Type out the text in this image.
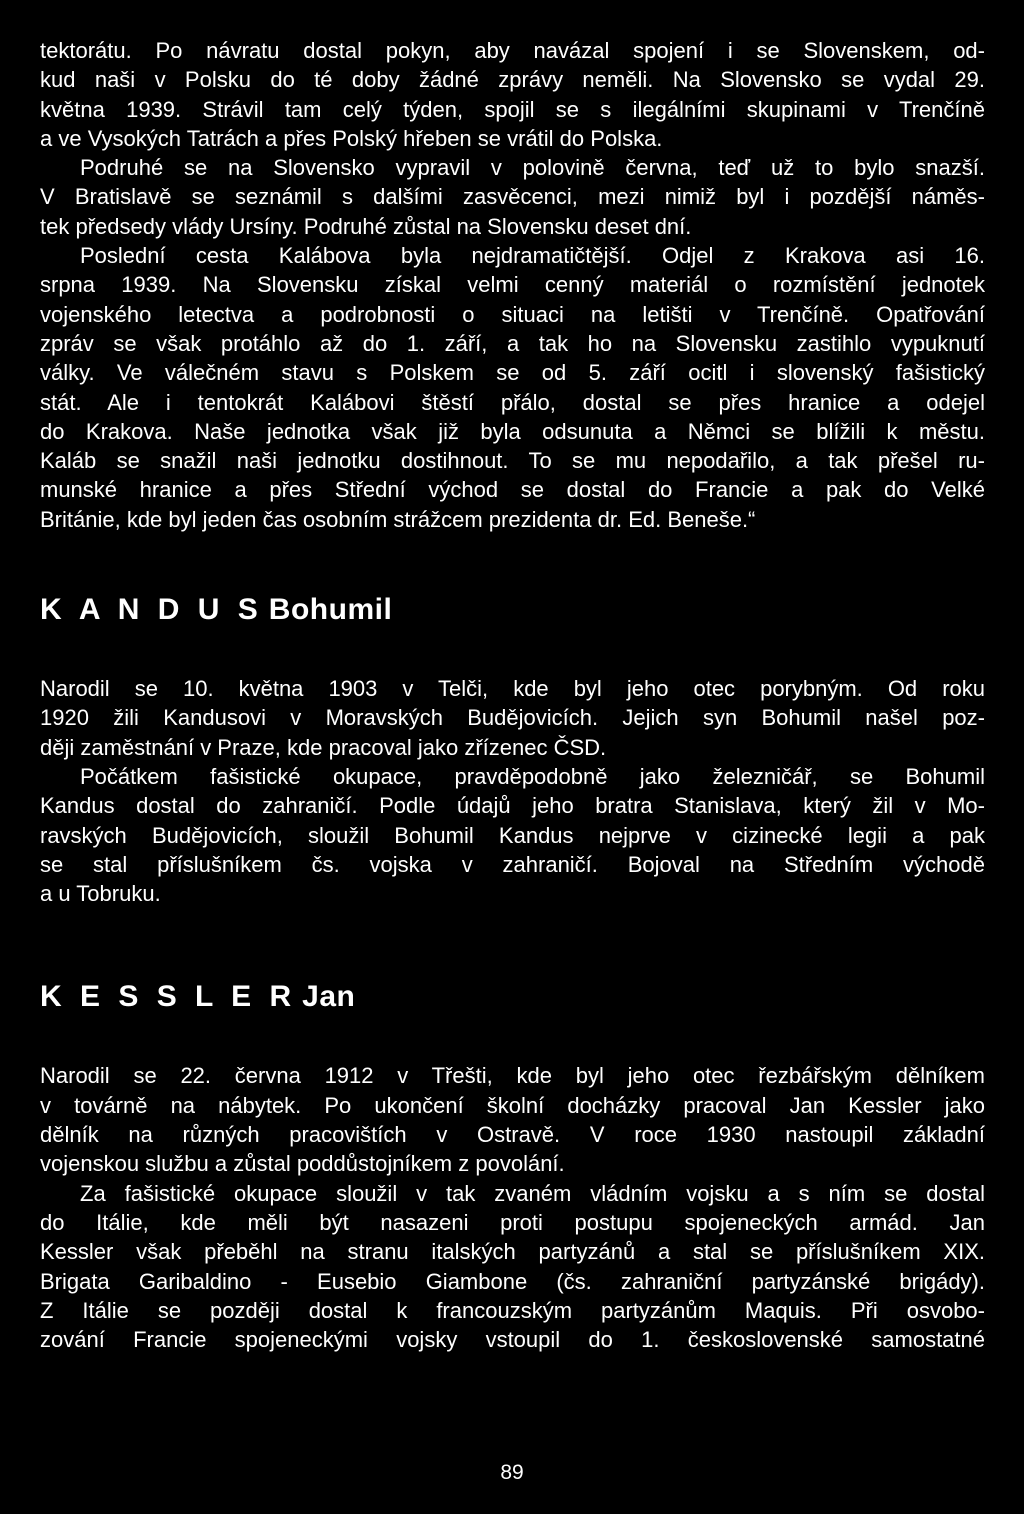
tektorátu. Po návratu dostal pokyn, aby navázal spojení i se Slovenskem, od-
kud naši v Polsku do té doby žádné zprávy neměli. Na Slovensko se vydal 29.
května 1939. Strávil tam celý týden, spojil se s ilegálními skupinami v Trenčíně
a ve Vysokých Tatrách a přes Polský hřeben se vrátil do Polska.
Podruhé se na Slovensko vypravil v polovině června, teď už to bylo snazší.
V Bratislavě se seznámil s dalšími zasvěcenci, mezi nimiž byl i pozdější náměs-
tek předsedy vlády Ursíny. Podruhé zůstal na Slovensku deset dní.
Poslední cesta Kalábova byla nejdramatičtější. Odjel z Krakova asi 16.
srpna 1939. Na Slovensku získal velmi cenný materiál o rozmístění jednotek
vojenského letectva a podrobnosti o situaci na letišti v Trenčíně. Opatřování
zpráv se však protáhlo až do 1. září, a tak ho na Slovensku zastihlo vypuknutí
války. Ve válečném stavu s Polskem se od 5. září ocitl i slovenský fašistický
stát. Ale i tentokrát Kalábovi štěstí přálo, dostal se přes hranice a odejel
do Krakova. Naše jednotka však již byla odsunuta a Němci se blížili k městu.
Kaláb se snažil naši jednotku dostihnout. To se mu nepodařilo, a tak přešel ru-
munské hranice a přes Střední východ se dostal do Francie a pak do Velké
Británie, kde byl jeden čas osobním strážcem prezidenta dr. Ed. Beneše.“
K A N D U S Bohumil
Narodil se 10. května 1903 v Telči, kde byl jeho otec porybným. Od roku
1920 žili Kandusovi v Moravských Budějovicích. Jejich syn Bohumil našel poz-
ději zaměstnání v Praze, kde pracoval jako zřízenec ČSD.
Počátkem fašistické okupace, pravděpodobně jako železničář, se Bohumil
Kandus dostal do zahraničí. Podle údajů jeho bratra Stanislava, který žil v Mo-
ravských Budějovicích, sloužil Bohumil Kandus nejprve v cizinecké legii a pak
se stal příslušníkem čs. vojska v zahraničí. Bojoval na Středním východě
a u Tobruku.
K E S S L E R Jan
Narodil se 22. června 1912 v Třešti, kde byl jeho otec řezbářským dělníkem
v továrně na nábytek. Po ukončení školní docházky pracoval Jan Kessler jako
dělník na různých pracovištích v Ostravě. V roce 1930 nastoupil základní
vojenskou službu a zůstal poddůstojníkem z povolání.
Za fašistické okupace sloužil v tak zvaném vládním vojsku a s ním se dostal
do Itálie, kde měli být nasazeni proti postupu spojeneckých armád. Jan
Kessler však přeběhl na stranu italských partyzánů a stal se příslušníkem XIX.
Brigata Garibaldino - Eusebio Giambone (čs. zahraniční partyzánské brigády).
Z Itálie se později dostal k francouzským partyzánům Maquis. Při osvobo-
zování Francie spojeneckými vojsky vstoupil do 1. československé samostatné
89
